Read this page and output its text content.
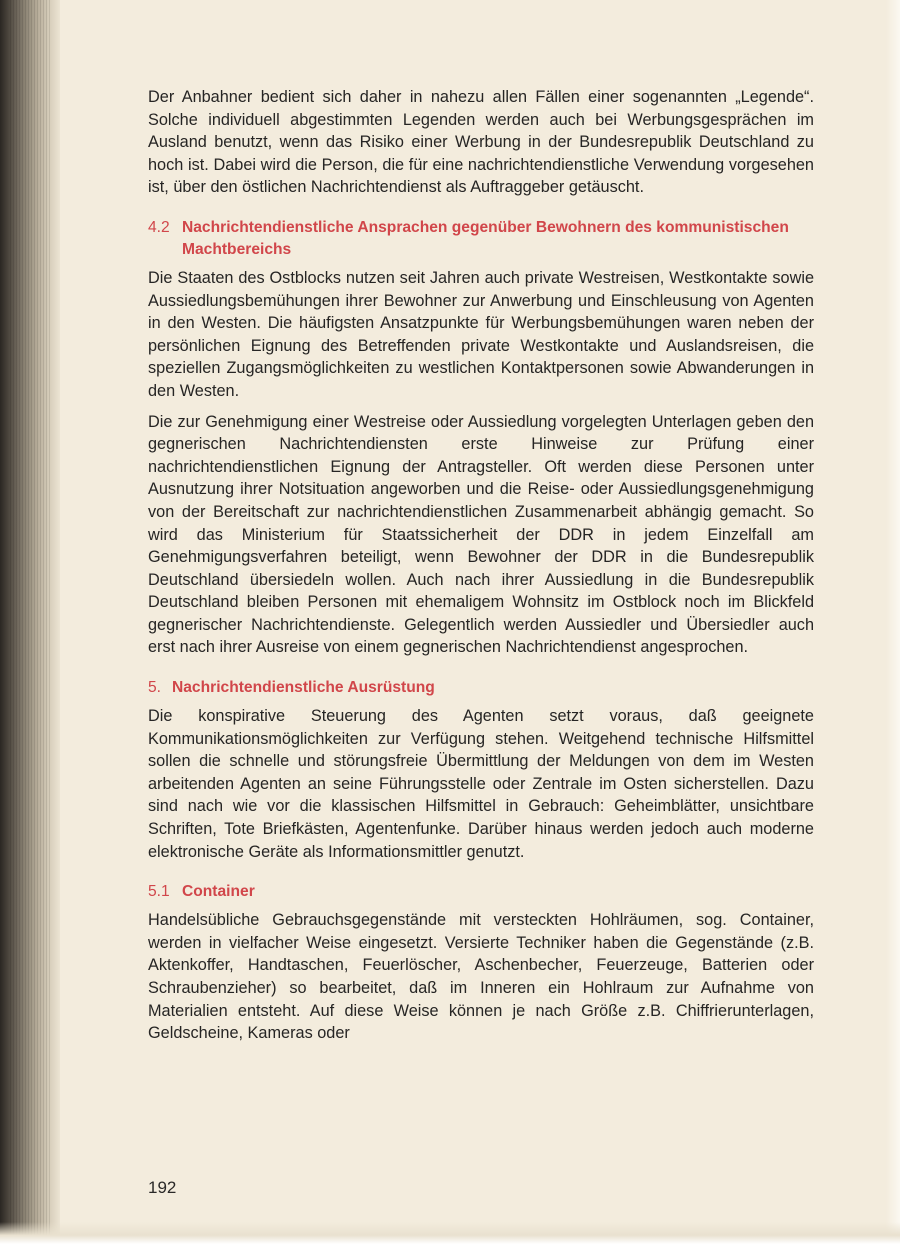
Der Anbahner bedient sich daher in nahezu allen Fällen einer sogenannten „Legende“. Solche individuell abgestimmten Legenden werden auch bei Werbungsgesprächen im Ausland benutzt, wenn das Risiko einer Werbung in der Bundesrepublik Deutschland zu hoch ist. Dabei wird die Person, die für eine nachrichtendienstliche Verwendung vorgesehen ist, über den östlichen Nachrichtendienst als Auftraggeber getäuscht.

4.2 Nachrichtendienstliche Ansprachen gegenüber Bewohnern des kommunistischen Machtbereichs

Die Staaten des Ostblocks nutzen seit Jahren auch private Westreisen, Westkontakte sowie Aussiedlungsbemühungen ihrer Bewohner zur Anwerbung und Einschleusung von Agenten in den Westen. Die häufigsten Ansatzpunkte für Werbungsbemühungen waren neben der persönlichen Eignung des Betreffenden private Westkontakte und Auslandsreisen, die speziellen Zugangsmöglichkeiten zu westlichen Kontaktpersonen sowie Abwanderungen in den Westen.

Die zur Genehmigung einer Westreise oder Aussiedlung vorgelegten Unterlagen geben den gegnerischen Nachrichtendiensten erste Hinweise zur Prüfung einer nachrichtendienstlichen Eignung der Antragsteller. Oft werden diese Personen unter Ausnutzung ihrer Notsituation angeworben und die Reise- oder Aussiedlungsgenehmigung von der Bereitschaft zur nachrichtendienstlichen Zusammenarbeit abhängig gemacht. So wird das Ministerium für Staatssicherheit der DDR in jedem Einzelfall am Genehmigungsverfahren beteiligt, wenn Bewohner der DDR in die Bundesrepublik Deutschland übersiedeln wollen. Auch nach ihrer Aussiedlung in die Bundesrepublik Deutschland bleiben Personen mit ehemaligem Wohnsitz im Ostblock noch im Blickfeld gegnerischer Nachrichtendienste. Gelegentlich werden Aussiedler und Übersiedler auch erst nach ihrer Ausreise von einem gegnerischen Nachrichtendienst angesprochen.

5. Nachrichtendienstliche Ausrüstung

Die konspirative Steuerung des Agenten setzt voraus, daß geeignete Kommunikationsmöglichkeiten zur Verfügung stehen. Weitgehend technische Hilfsmittel sollen die schnelle und störungsfreie Übermittlung der Meldungen von dem im Westen arbeitenden Agenten an seine Führungsstelle oder Zentrale im Osten sicherstellen. Dazu sind nach wie vor die klassischen Hilfsmittel in Gebrauch: Geheimblätter, unsichtbare Schriften, Tote Briefkästen, Agentenfunke. Darüber hinaus werden jedoch auch moderne elektronische Geräte als Informationsmittler genutzt.

5.1 Container

Handelsübliche Gebrauchsgegenstände mit versteckten Hohlräumen, sog. Container, werden in vielfacher Weise eingesetzt. Versierte Techniker haben die Gegenstände (z.B. Aktenkoffer, Handtaschen, Feuerlöscher, Aschenbecher, Feuerzeuge, Batterien oder Schraubenzieher) so bearbeitet, daß im Inneren ein Hohlraum zur Aufnahme von Materialien entsteht. Auf diese Weise können je nach Größe z.B. Chiffrierunterlagen, Geldscheine, Kameras oder

192
